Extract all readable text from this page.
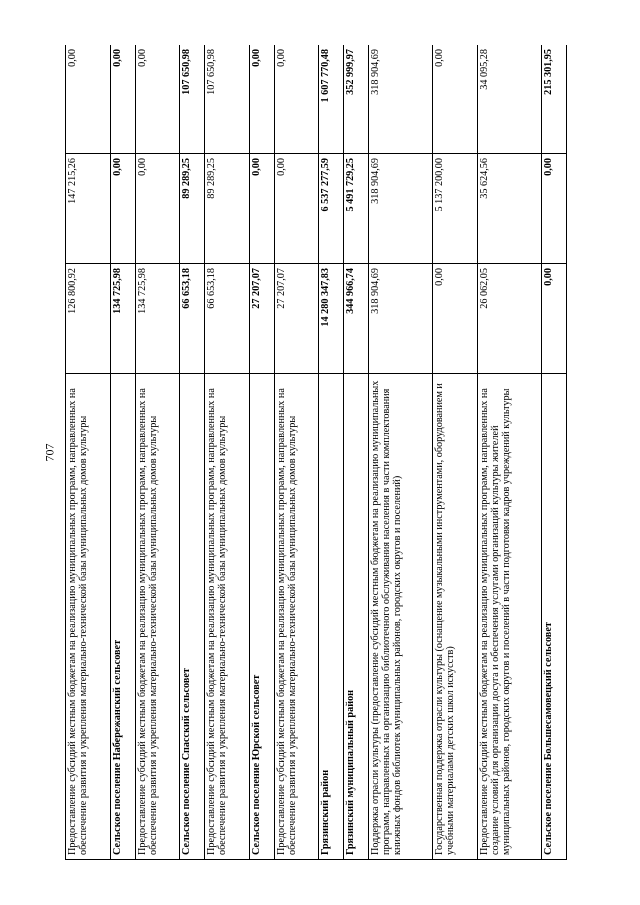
707 Предоставление субсидий местным бюджетам на реализацию муниципальных программ, направленных на обеспечение развития и укрепления материально-технической базы муниципальных домов культуры	126 800,92	147 215,26	0,00
Сельское поселение Набережанский сельсовет	134 725,98	0,00	0,00
Предоставление субсидий местным бюджетам на реализацию муниципальных программ, направленных на обеспечение развития и укрепления материально-технической базы муниципальных домов культуры	134 725,98	0,00	0,00
Сельское поселение Спасский сельсовет	66 653,18	89 289,25	107 650,98
Предоставление субсидий местным бюджетам на реализацию муниципальных программ, направленных на обеспечение развития и укрепления материально-технической базы муниципальных домов культуры	66 653,18	89 289,25	107 650,98
Сельское поселение Юрской сельсовет	27 207,07	0,00	0,00
Предоставление субсидий местным бюджетам на реализацию муниципальных программ, направленных на обеспечение развития и укрепления материально-технической базы муниципальных домов культуры	27 207,07	0,00	0,00
Грязинский район	14 280 347,83	6 537 277,59	1 607 770,48
Грязинский муниципальный район	344 966,74	5 491 729,25	352 999,97
Поддержка отрасли культуры (предоставление субсидий местным бюджетам на реализацию муниципальных программ, направленных на организацию библиотечного обслуживания населения в части комплектования книжных фондов библиотек муниципальных районов, городских округов и поселений)	318 904,69	318 904,69	318 904,69
Государственная поддержка отрасли культуры (оснащение музыкальными инструментами, оборудованием и учебными материалами детских школ искусств)	0,00	5 137 200,00	0,00
Предоставление субсидий местным бюджетам на реализацию муниципальных программ, направленных на создание условий для организации досуга и обеспечения услугами организаций культуры жителей муниципальных районов, городских округов и поселений в части подготовки кадров учреждений культуры	26 062,05	35 624,56	34 095,28
Сельское поселение Большесамовецкий сельсовет	0,00	0,00	215 301,95
